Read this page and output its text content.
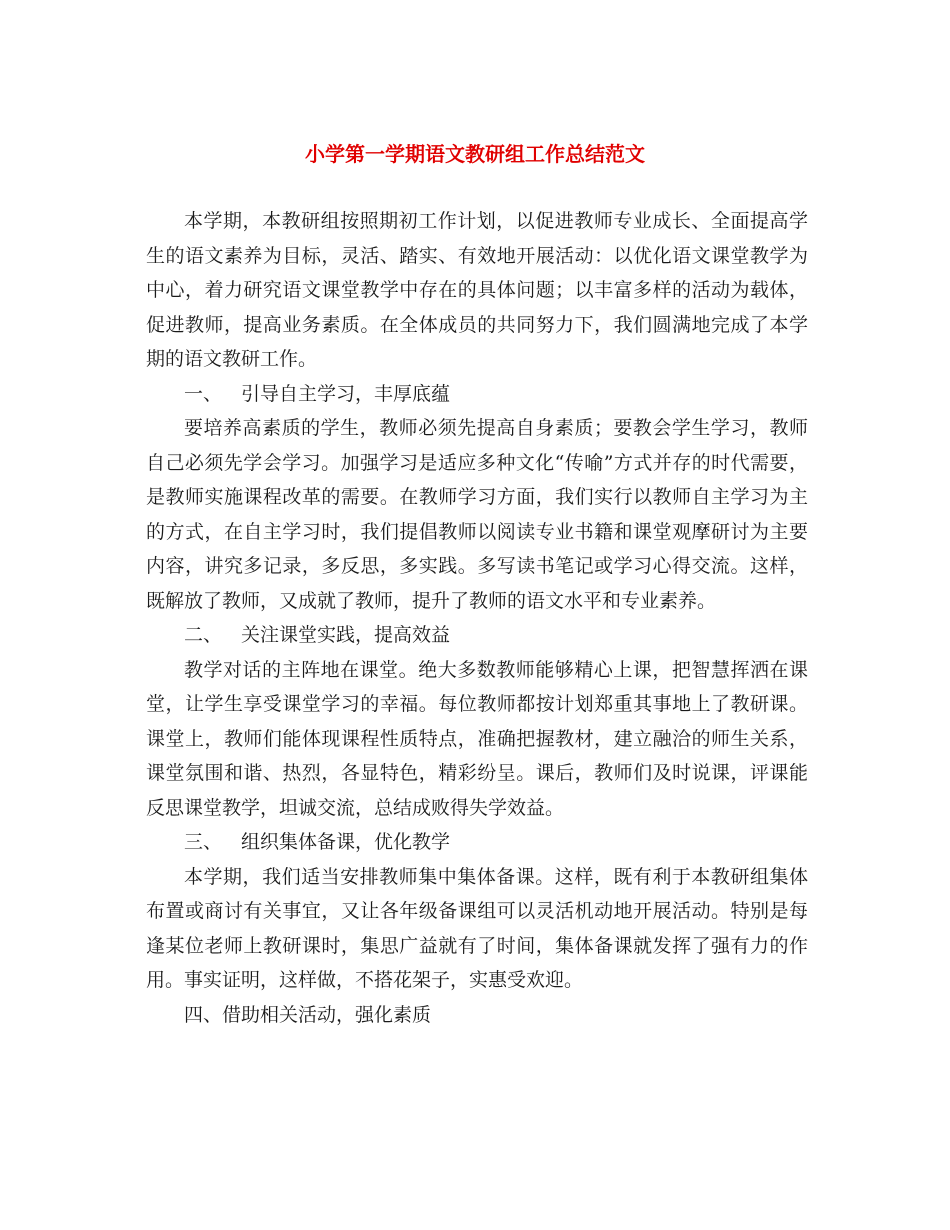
小学第一学期语文教研组工作总结范文

本学期，本教研组按照期初工作计划，以促进教师专业成长、全面提高学生的语文素养为目标，灵活、踏实、有效地开展活动：以优化语文课堂教学为中心，着力研究语文课堂教学中存在的具体问题；以丰富多样的活动为载体，促进教师，提高业务素质。在全体成员的共同努力下，我们圆满地完成了本学期的语文教研工作。

一、 引导自主学习，丰厚底蕴

要培养高素质的学生，教师必须先提高自身素质；要教会学生学习，教师自己必须先学会学习。加强学习是适应多种文化“传喻”方式并存的时代需要，是教师实施课程改革的需要。在教师学习方面，我们实行以教师自主学习为主的方式，在自主学习时，我们提倡教师以阅读专业书籍和课堂观摩研讨为主要内容，讲究多记录，多反思，多实践。多写读书笔记或学习心得交流。这样，既解放了教师，又成就了教师，提升了教师的语文水平和专业素养。

二、 关注课堂实践，提高效益

教学对话的主阵地在课堂。绝大多数教师能够精心上课，把智慧挥洒在课堂，让学生享受课堂学习的幸福。每位教师都按计划郑重其事地上了教研课。课堂上，教师们能体现课程性质特点，准确把握教材，建立融洽的师生关系，课堂氛围和谐、热烈，各显特色，精彩纷呈。课后，教师们及时说课，评课能反思课堂教学，坦诚交流，总结成败得失学效益。

三、 组织集体备课，优化教学

本学期，我们适当安排教师集中集体备课。这样，既有利于本教研组集体布置或商讨有关事宜，又让各年级备课组可以灵活机动地开展活动。特别是每逢某位老师上教研课时，集思广益就有了时间，集体备课就发挥了强有力的作用。事实证明，这样做，不搭花架子，实惠受欢迎。

四、借助相关活动，强化素质
